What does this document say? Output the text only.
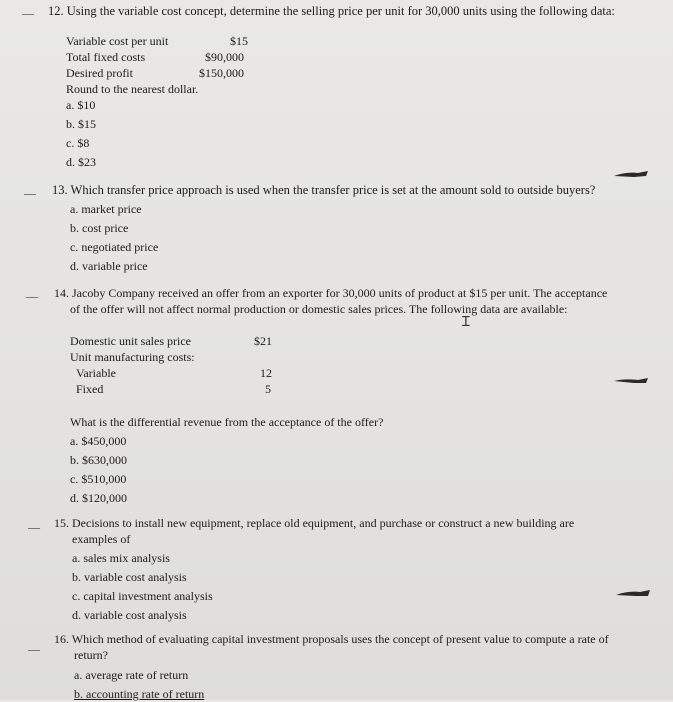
__ 12. Using the variable cost concept, determine the selling price per unit for 30,000 units using the following data:
Variable cost per unit	$15
Total fixed costs	$90,000
Desired profit	$150,000
Round to the nearest dollar.
a. $10
b. $15
c. $8
d. $23
__ 13. Which transfer price approach is used when the transfer price is set at the amount sold to outside buyers?
a. market price
b. cost price
c. negotiated price
d. variable price
__ 14. Jacoby Company received an offer from an exporter for 30,000 units of product at $15 per unit. The acceptance
of the offer will not affect normal production or domestic sales prices. The following data are available:
Domestic unit sales price	$21
Unit manufacturing costs:
Variable	12
Fixed	5
What is the differential revenue from the acceptance of the offer?
a. $450,000
b. $630,000
c. $510,000
d. $120,000
__ 15. Decisions to install new equipment, replace old equipment, and purchase or construct a new building are
examples of
a. sales mix analysis
b. variable cost analysis
c. capital investment analysis
d. variable cost analysis
__ 16. Which method of evaluating capital investment proposals uses the concept of present value to compute a rate of
return?
a. average rate of return
b. accounting rate of return
Ɪ
